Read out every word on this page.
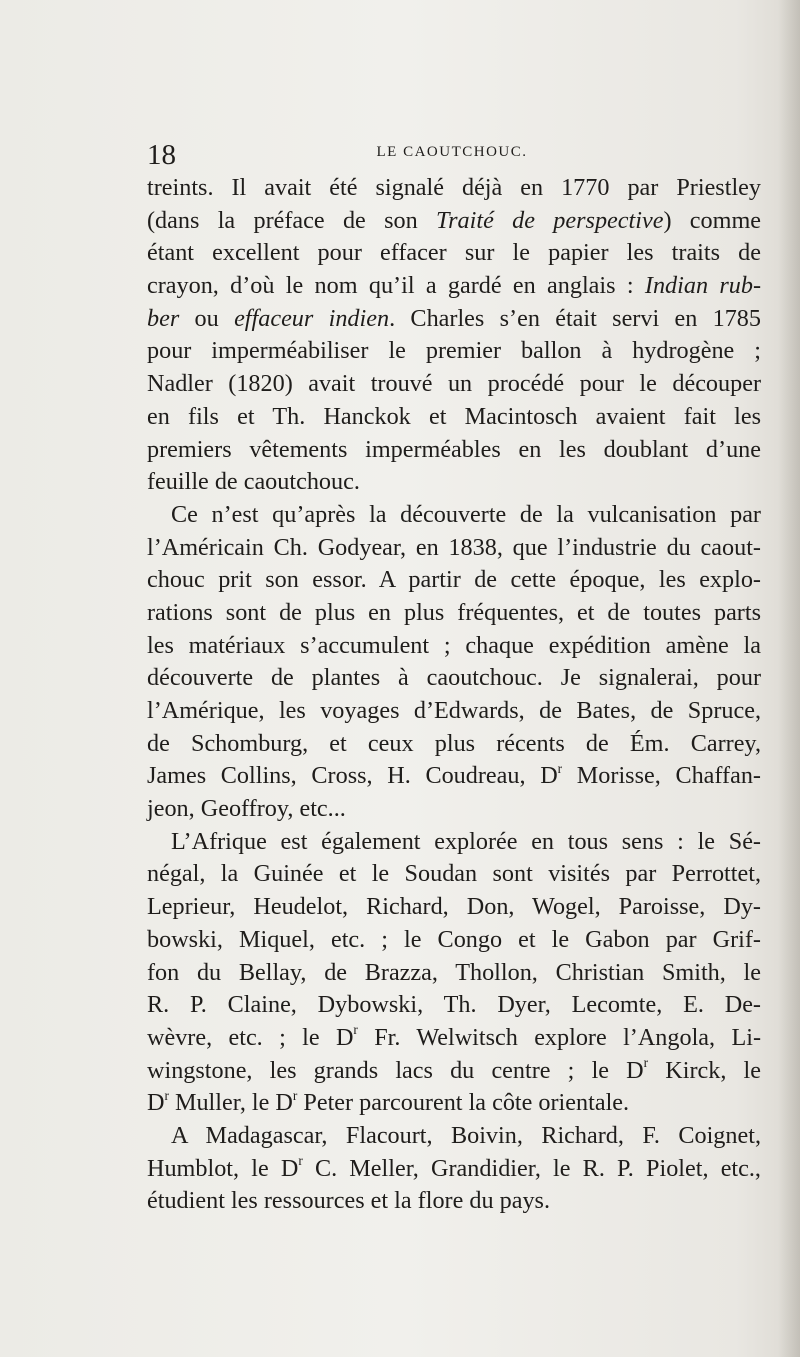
18	LE CAOUTCHOUC.
treints. Il avait été signalé déjà en 1770 par Priestley
(dans la préface de son Traité de perspective) comme
étant excellent pour effacer sur le papier les traits de
crayon, d’où le nom qu’il a gardé en anglais : Indian rub-
ber ou effaceur indien. Charles s’en était servi en 1785
pour imperméabiliser le premier ballon à hydrogène ;
Nadler (1820) avait trouvé un procédé pour le découper
en fils et Th. Hanckok et Macintosch avaient fait les
premiers vêtements imperméables en les doublant d’une
feuille de caoutchouc.
Ce n’est qu’après la découverte de la vulcanisation par
l’Américain Ch. Godyear, en 1838, que l’industrie du caout-
chouc prit son essor. A partir de cette époque, les explo-
rations sont de plus en plus fréquentes, et de toutes parts
les matériaux s’accumulent ; chaque expédition amène la
découverte de plantes à caoutchouc. Je signalerai, pour
l’Amérique, les voyages d’Edwards, de Bates, de Spruce,
de Schomburg, et ceux plus récents de Ém. Carrey,
James Collins, Cross, H. Coudreau, $D^r$ Morisse, Chaffan-
jeon, Geoffroy, etc...
L’Afrique est également explorée en tous sens : le Sé-
négal, la Guinée et le Soudan sont visités par Perrottet,
Leprieur, Heudelot, Richard, Don, Wogel, Paroisse, Dy-
bowski, Miquel, etc. ; le Congo et le Gabon par Grif-
fon du Bellay, de Brazza, Thollon, Christian Smith, le
R. P. Claine, Dybowski, Th. Dyer, Lecomte, E. De-
wèvre, etc. ; le $D^r$ Fr. Welwitsch explore l’Angola, Li-
wingstone, les grands lacs du centre ; le $D^r$ Kirck, le
$D^r$ Muller, le $D^r$ Peter parcourent la côte orientale.
A Madagascar, Flacourt, Boivin, Richard, F. Coignet,
Humblot, le $D^r$ C. Meller, Grandidier, le R. P. Piolet, etc.,
étudient les ressources et la flore du pays.
